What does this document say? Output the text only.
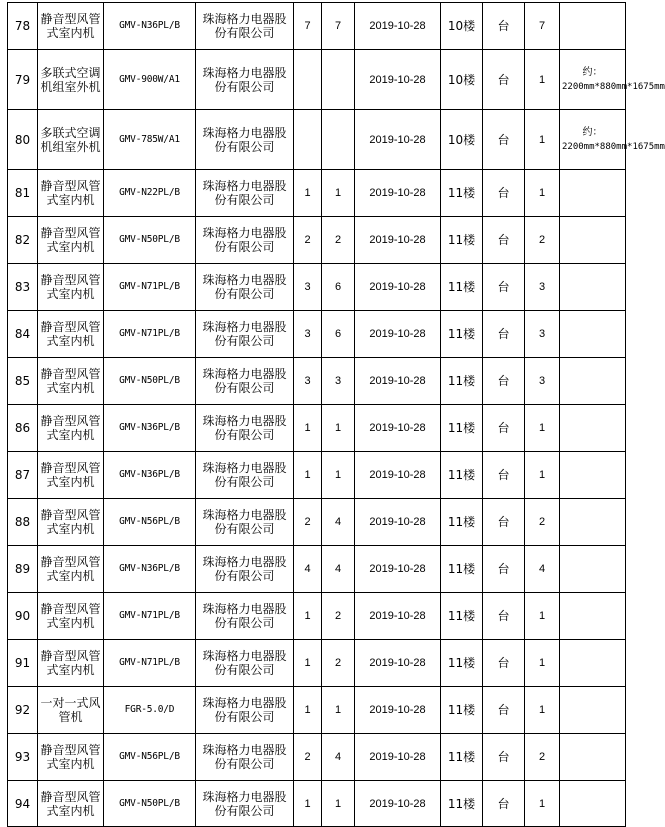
78	静音型风管式室内机	GMV-N36PL/B	珠海格力电器股份有限公司	7	7	2019-10-28	10楼	台	7	

79	多联式空调机组室外机	GMV-900W/A1	珠海格力电器股份有限公司			2019-10-28	10楼	台	1	约：
2200mm*880mm*1675mm

80	多联式空调机组室外机	GMV-785W/A1	珠海格力电器股份有限公司			2019-10-28	10楼	台	1	约：
2200mm*880mm*1675mm

81	静音型风管式室内机	GMV-N22PL/B	珠海格力电器股份有限公司	1	1	2019-10-28	11楼	台	1	

82	静音型风管式室内机	GMV-N50PL/B	珠海格力电器股份有限公司	2	2	2019-10-28	11楼	台	2	

83	静音型风管式室内机	GMV-N71PL/B	珠海格力电器股份有限公司	3	6	2019-10-28	11楼	台	3	

84	静音型风管式室内机	GMV-N71PL/B	珠海格力电器股份有限公司	3	6	2019-10-28	11楼	台	3	

85	静音型风管式室内机	GMV-N50PL/B	珠海格力电器股份有限公司	3	3	2019-10-28	11楼	台	3	

86	静音型风管式室内机	GMV-N36PL/B	珠海格力电器股份有限公司	1	1	2019-10-28	11楼	台	1	

87	静音型风管式室内机	GMV-N36PL/B	珠海格力电器股份有限公司	1	1	2019-10-28	11楼	台	1	

88	静音型风管式室内机	GMV-N56PL/B	珠海格力电器股份有限公司	2	4	2019-10-28	11楼	台	2	

89	静音型风管式室内机	GMV-N36PL/B	珠海格力电器股份有限公司	4	4	2019-10-28	11楼	台	4	

90	静音型风管式室内机	GMV-N71PL/B	珠海格力电器股份有限公司	1	2	2019-10-28	11楼	台	1	

91	静音型风管式室内机	GMV-N71PL/B	珠海格力电器股份有限公司	1	2	2019-10-28	11楼	台	1	

92	一对一式风管机	FGR-5.0/D	珠海格力电器股份有限公司	1	1	2019-10-28	11楼	台	1	

93	静音型风管式室内机	GMV-N56PL/B	珠海格力电器股份有限公司	2	4	2019-10-28	11楼	台	2	

94	静音型风管式室内机	GMV-N50PL/B	珠海格力电器股份有限公司	1	1	2019-10-28	11楼	台	1	
